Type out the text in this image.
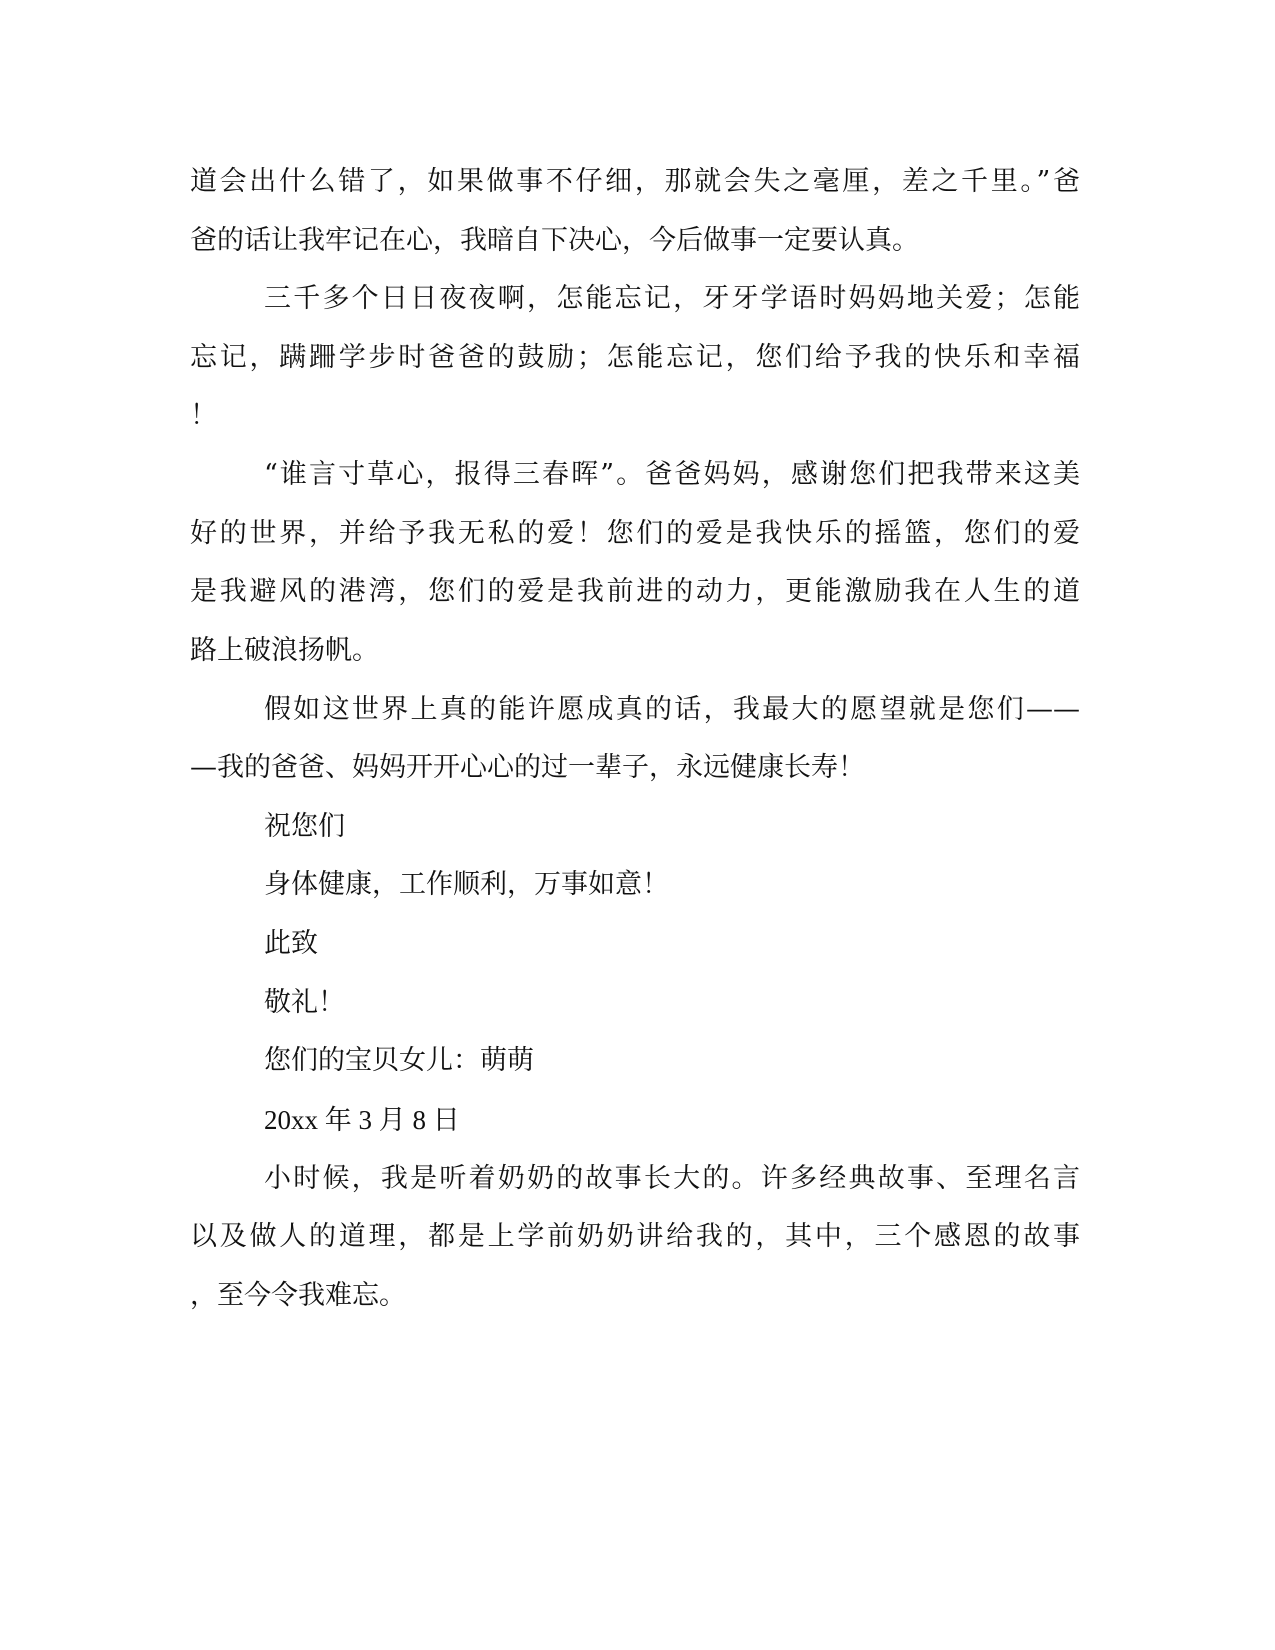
道会出什么错了，如果做事不仔细，那就会失之毫厘，差之千里。”爸
爸的话让我牢记在心，我暗自下决心，今后做事一定要认真。
三千多个日日夜夜啊，怎能忘记，牙牙学语时妈妈地关爱；怎能
忘记，蹒跚学步时爸爸的鼓励；怎能忘记，您们给予我的快乐和幸福
！
“谁言寸草心，报得三春晖”。爸爸妈妈，感谢您们把我带来这美
好的世界，并给予我无私的爱！您们的爱是我快乐的摇篮，您们的爱
是我避风的港湾，您们的爱是我前进的动力，更能激励我在人生的道
路上破浪扬帆。
假如这世界上真的能许愿成真的话，我最大的愿望就是您们——
—我的爸爸、妈妈开开心心的过一辈子，永远健康长寿！
祝您们
身体健康，工作顺利，万事如意！
此致
敬礼！
您们的宝贝女儿：萌萌
20xx 年 3 月 8 日
小时候，我是听着奶奶的故事长大的。许多经典故事、至理名言
以及做人的道理，都是上学前奶奶讲给我的，其中，三个感恩的故事
，至今令我难忘。
